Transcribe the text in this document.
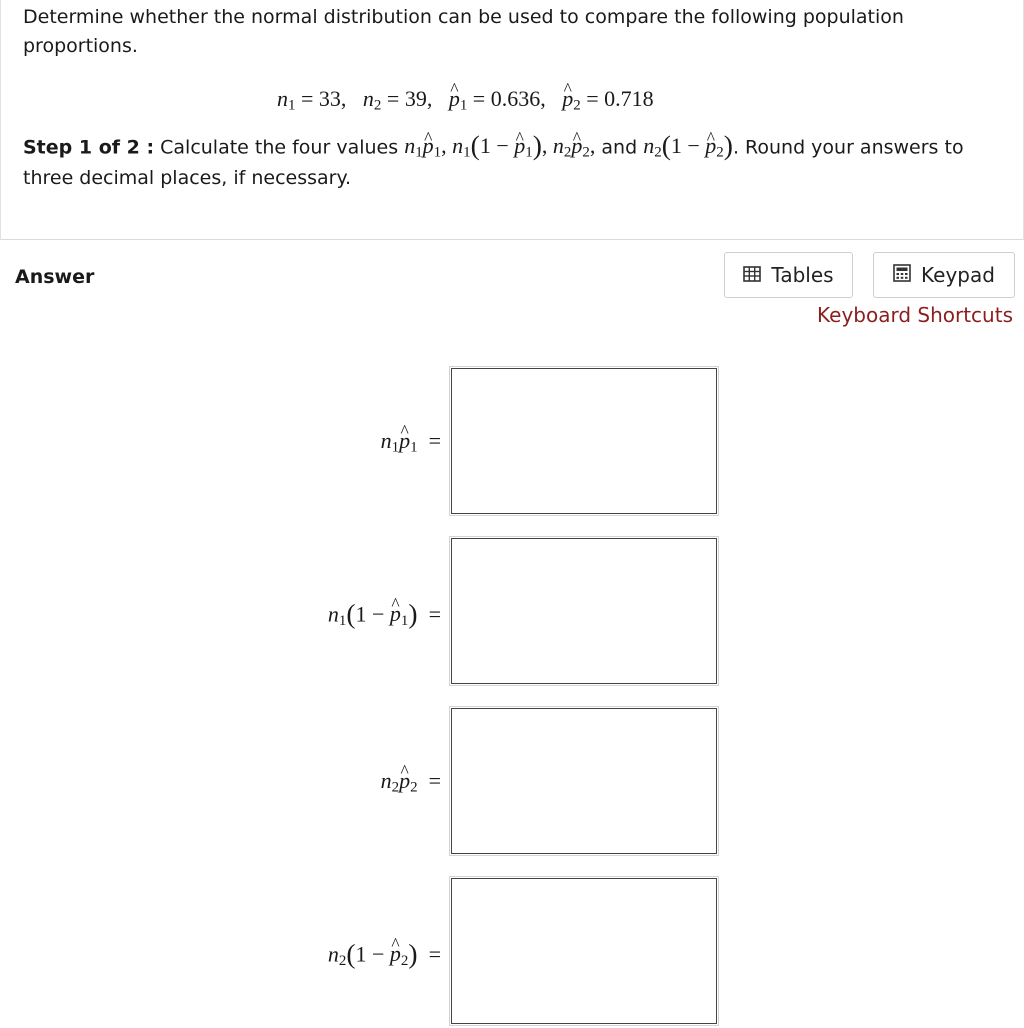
Determine whether the normal distribution can be used to compare the following population proportions.
$n_1 = 33$, $n_2 = 39$, ^ $p_1 = 0.636$, ^ $p_2 = 0.718$
Step 1 of 2 : Calculate the four values $n_1\^{}$ $p_1$, $n_1(1$ − ^ $p_1$), $n_2\^{}$ $p_2$, and $n_2(1$ − ^ $p_2$). Round your answers to three decimal places, if necessary.
Answer	Tables	Keypad
Keyboard Shortcuts
$n_1\^{}$ $p_1$  =
$n_1(1$ − ^ $p_1$)  =
$n_2\^{}$ $p_2$  =
$n_2(1$ − ^ $p_2$)  =
